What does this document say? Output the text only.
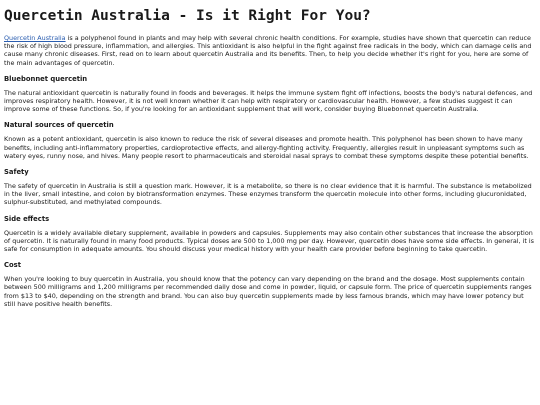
Quercetin Australia - Is it Right For You?

Quercetin Australia is a polyphenol found in plants and may help with several chronic health conditions. For example, studies have shown that quercetin can reduce the risk of high blood pressure, inflammation, and allergies. This antioxidant is also helpful in the fight against free radicals in the body, which can damage cells and cause many chronic diseases. First, read on to learn about quercetin Australia and its benefits. Then, to help you decide whether it's right for you, here are some of the main advantages of quercetin.

Bluebonnet quercetin

The natural antioxidant quercetin is naturally found in foods and beverages. It helps the immune system fight off infections, boosts the body's natural defences, and improves respiratory health. However, it is not well known whether it can help with respiratory or cardiovascular health. However, a few studies suggest it can improve some of these functions. So, if you're looking for an antioxidant supplement that will work, consider buying Bluebonnet quercetin Australia.

Natural sources of quercetin

Known as a potent antioxidant, quercetin is also known to reduce the risk of several diseases and promote health. This polyphenol has been shown to have many benefits, including anti-inflammatory properties, cardioprotective effects, and allergy-fighting activity. Frequently, allergies result in unpleasant symptoms such as watery eyes, runny nose, and hives. Many people resort to pharmaceuticals and steroidal nasal sprays to combat these symptoms despite these potential benefits.

Safety

The safety of quercetin in Australia is still a question mark. However, it is a metabolite, so there is no clear evidence that it is harmful. The substance is metabolized in the liver, small intestine, and colon by biotransformation enzymes. These enzymes transform the quercetin molecule into other forms, including glucuronidated, sulphur-substituted, and methylated compounds.

Side effects

Quercetin is a widely available dietary supplement, available in powders and capsules. Supplements may also contain other substances that increase the absorption of quercetin. It is naturally found in many food products. Typical doses are 500 to 1,000 mg per day. However, quercetin does have some side effects. In general, it is safe for consumption in adequate amounts. You should discuss your medical history with your health care provider before beginning to take quercetin.

Cost

When you're looking to buy quercetin in Australia, you should know that the potency can vary depending on the brand and the dosage. Most supplements contain between 500 milligrams and 1,200 milligrams per recommended daily dose and come in powder, liquid, or capsule form. The price of quercetin supplements ranges from $13 to $40, depending on the strength and brand. You can also buy quercetin supplements made by less famous brands, which may have lower potency but still have positive health benefits.
